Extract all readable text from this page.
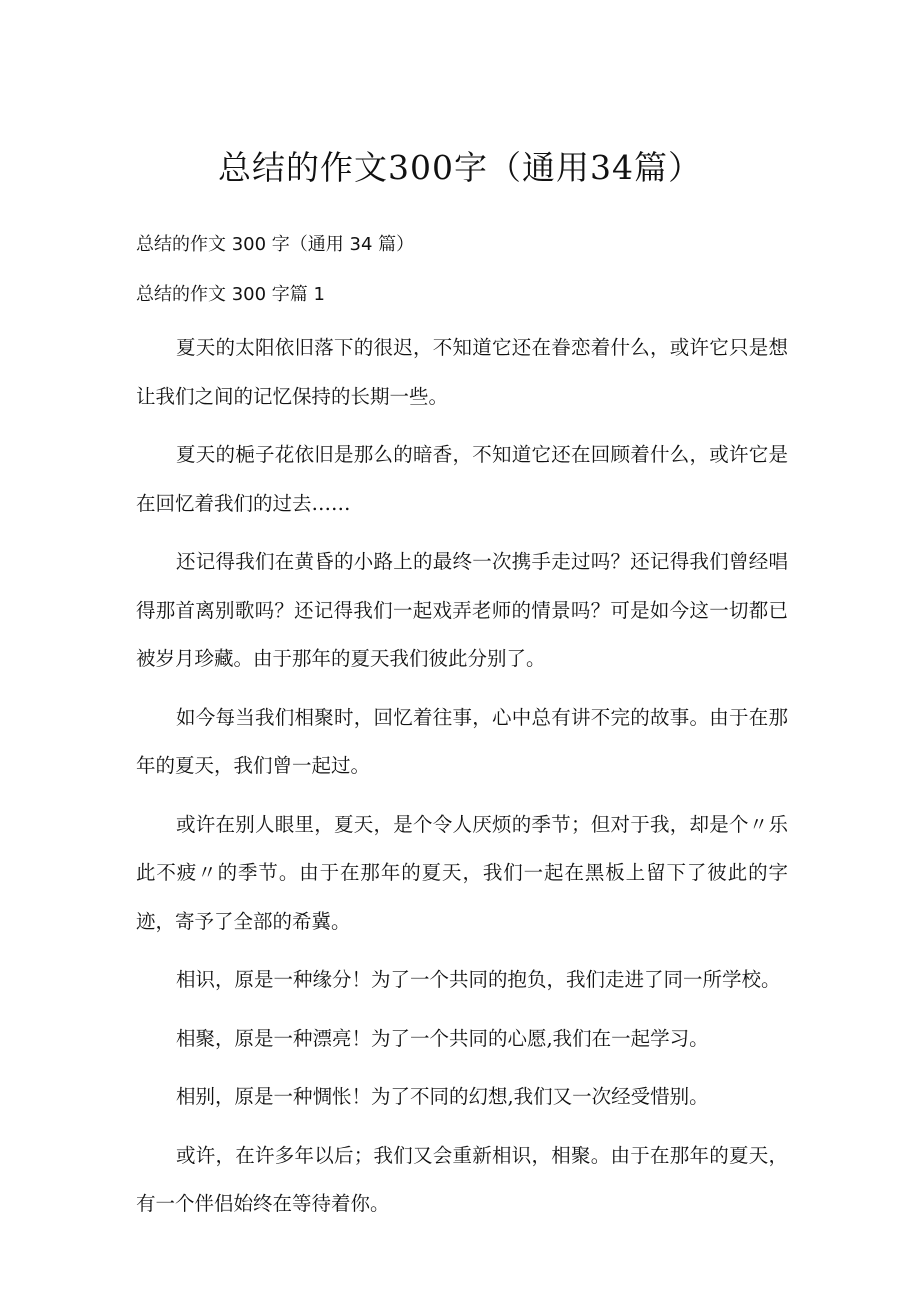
总结的作文300字（通用34篇）

总结的作文 300 字（通用 34 篇）

总结的作文 300 字篇 1

夏天的太阳依旧落下的很迟，不知道它还在眷恋着什么，或许它只是想让我们之间的记忆保持的长期一些。

夏天的梔子花依旧是那么的暗香，不知道它还在回顾着什么，或许它是在回忆着我们的过去……

还记得我们在黄昏的小路上的最终一次携手走过吗？还记得我们曾经唱得那首离别歌吗？还记得我们一起戏弄老师的情景吗？可是如今这一切都已被岁月珍藏。由于那年的夏天我们彼此分别了。

如今每当我们相聚时，回忆着往事，心中总有讲不完的故事。由于在那年的夏天，我们曾一起过。

或许在别人眼里，夏天，是个令人厌烦的季节；但对于我，却是个〃乐此不疲〃的季节。由于在那年的夏天，我们一起在黑板上留下了彼此的字迹，寄予了全部的希冀。

相识，原是一种缘分！为了一个共同的抱负，我们走进了同一所学校。

相聚，原是一种漂亮！为了一个共同的心愿,我们在一起学习。

相别，原是一种惆怅！为了不同的幻想,我们又一次经受惜别。

或许，在许多年以后；我们又会重新相识，相聚。由于在那年的夏天，有一个伴侣始终在等待着你。
